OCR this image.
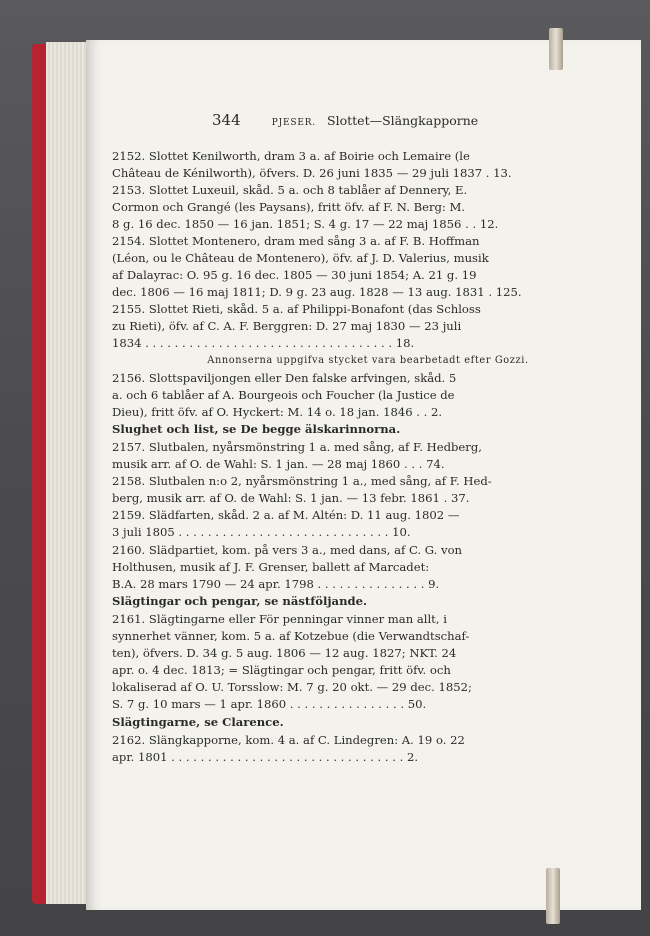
344	PJESER. Slottet—Slängkapporne
2152. Slottet Kenilworth, dram 3 a. af Boirie och Lemaire (le
Château de Kénilworth), öfvers. D. 26 juni 1835 — 29 juli 1837 . 13.
2153. Slottet Luxeuil, skåd. 5 a. och 8 tablåer af Dennery, E.
Cormon och Grangé (les Paysans), fritt öfv. af F. N. Berg: M.
8 g. 16 dec. 1850 — 16 jan. 1851; S. 4 g. 17 — 22 maj 1856 . . 12.
2154. Slottet Montenero, dram med sång 3 a. af F. B. Hoffman
(Léon, ou le Château de Montenero), öfv. af J. D. Valerius, musik
af Dalayrac: O. 95 g. 16 dec. 1805 — 30 juni 1854; A. 21 g. 19
dec. 1806 — 16 maj 1811; D. 9 g. 23 aug. 1828 — 13 aug. 1831 . 125.
2155. Slottet Rieti, skåd. 5 a. af Philippi-Bonafont (das Schloss
zu Rieti), öfv. af C. A. F. Berggren: D. 27 maj 1830 — 23 juli
1834 . . . . . . . . . . . . . . . . . . . . . . . . . . . . . . . . . . 18.
Annonserna uppgifva stycket vara bearbetadt efter Gozzi.
2156. Slottspaviljongen eller Den falske arfvingen, skåd. 5
a. och 6 tablåer af A. Bourgeois och Foucher (la Justice de
Dieu), fritt öfv. af O. Hyckert: M. 14 o. 18 jan. 1846 . . 2.
Slughet och list, se De begge älskarinnorna.
2157. Slutbalen, nyårsmönstring 1 a. med sång, af F. Hedberg,
musik arr. af O. de Wahl: S. 1 jan. — 28 maj 1860 . . . 74.
2158. Slutbalen n:o 2, nyårsmönstring 1 a., med sång, af F. Hed-
berg, musik arr. af O. de Wahl: S. 1 jan. — 13 febr. 1861 . 37.
2159. Slädfarten, skåd. 2 a. af M. Altén: D. 11 aug. 1802 —
3 juli 1805 . . . . . . . . . . . . . . . . . . . . . . . . . . . . . 10.
2160. Slädpartiet, kom. på vers 3 a., med dans, af C. G. von
Holthusen, musik af J. F. Grenser, ballett af Marcadet:
B.A. 28 mars 1790 — 24 apr. 1798 . . . . . . . . . . . . . . . 9.
Slägtingar och pengar, se nästföljande.
2161. Slägtingarne eller För penningar vinner man allt, i
synnerhet vänner, kom. 5 a. af Kotzebue (die Verwandtschaf-
ten), öfvers. D. 34 g. 5 aug. 1806 — 12 aug. 1827; NKT. 24
apr. o. 4 dec. 1813; = Slägtingar och pengar, fritt öfv. och
lokaliserad af O. U. Torsslow: M. 7 g. 20 okt. — 29 dec. 1852;
S. 7 g. 10 mars — 1 apr. 1860 . . . . . . . . . . . . . . . . 50.
Slägtingarne, se Clarence.
2162. Slängkapporne, kom. 4 a. af C. Lindegren: A. 19 o. 22
apr. 1801 . . . . . . . . . . . . . . . . . . . . . . . . . . . . . . . . 2.
